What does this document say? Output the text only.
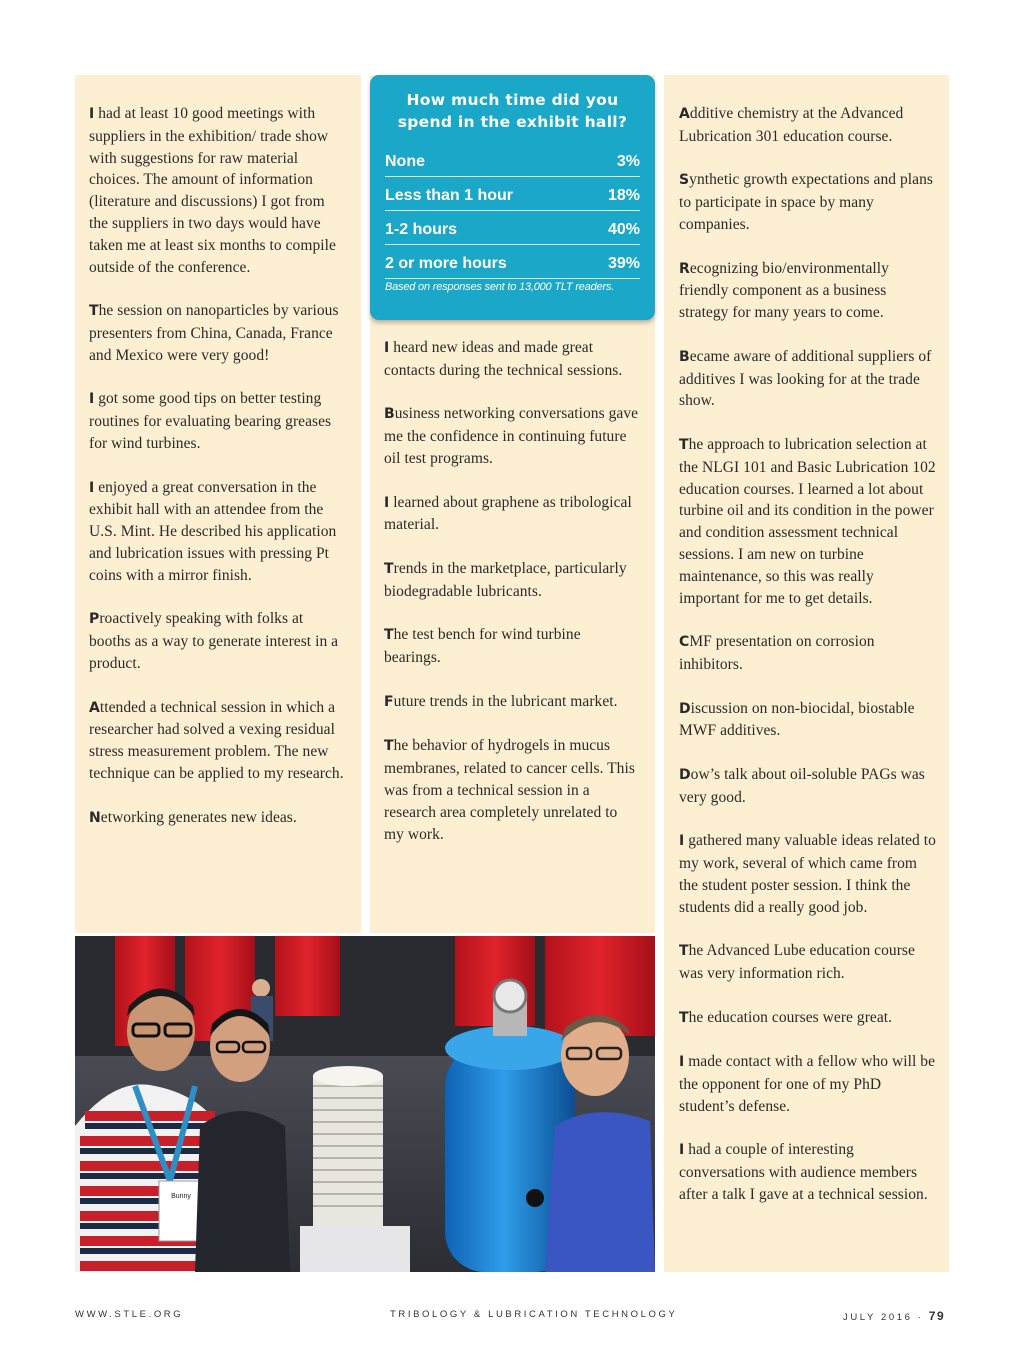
I had at least 10 good meetings with suppliers in the exhibition/ trade show with suggestions for raw material choices. The amount of information (literature and discussions) I got from the suppliers in two days would have taken me at least six months to compile outside of the conference.

The session on nanoparticles by various presenters from China, Canada, France and Mexico were very good!

I got some good tips on better testing routines for evaluating bearing greases for wind turbines.

I enjoyed a great conversation in the exhibit hall with an attendee from the U.S. Mint. He described his application and lubrication issues with pressing Pt coins with a mirror finish.

Proactively speaking with folks at booths as a way to generate interest in a product.

Attended a technical session in which a researcher had solved a vexing residual stress measurement problem. The new technique can be applied to my research.

Networking generates new ideas.

I heard new ideas and made great contacts during the technical sessions.

Business networking conversations gave me the confidence in continuing future oil test programs.

I learned about graphene as tribological material.

Trends in the marketplace, particularly biodegradable lubricants.

The test bench for wind turbine bearings.

Future trends in the lubricant market.

The behavior of hydrogels in mucus membranes, related to cancer cells. This was from a technical session in a research area completely unrelated to my work.

Additive chemistry at the Advanced Lubrication 301 education course.

Synthetic growth expectations and plans to participate in space by many companies.

Recognizing bio/environmentally friendly component as a business strategy for many years to come.

Became aware of additional suppliers of additives I was looking for at the trade show.

The approach to lubrication selection at the NLGI 101 and Basic Lubrication 102 education courses. I learned a lot about turbine oil and its condition in the power and condition assessment technical sessions. I am new on turbine maintenance, so this was really important for me to get details.

CMF presentation on corrosion inhibitors.

Discussion on non-biocidal, biostable MWF additives.

Dow’s talk about oil-soluble PAGs was very good.

I gathered many valuable ideas related to my work, several of which came from the student poster session. I think the students did a really good job.

The Advanced Lube education course was very information rich.

The education courses were great.

I made contact with a fellow who will be the opponent for one of my PhD student’s defense.

I had a couple of interesting conversations with audience members after a talk I gave at a technical session.

How much time did you spend in the exhibit hall?
None	3%
Less than 1 hour	18%
1-2 hours	40%
2 or more hours	39%
Based on responses sent to 13,000 TLT readers.
Bunny
WWW.STLE.ORG	TRIBOLOGY & LUBRICATION TECHNOLOGY	JULY 2016 · 79
